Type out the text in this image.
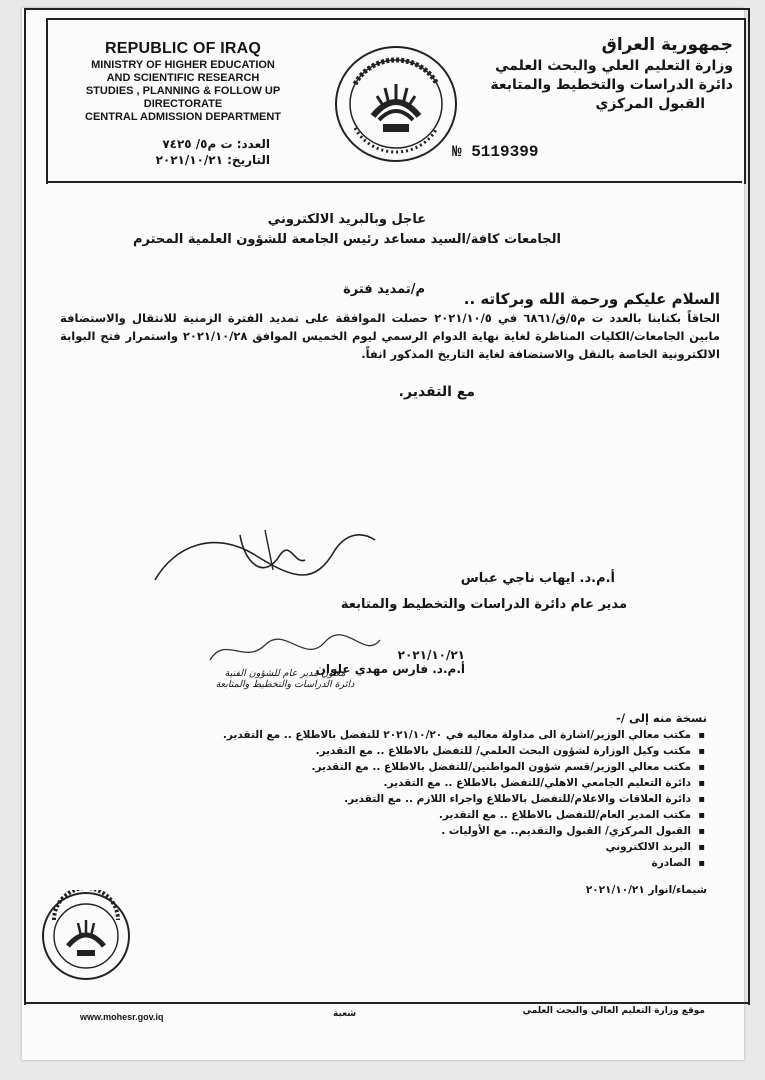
REPUBLIC OF IRAQ
MINISTRY OF HIGHER EDUCATION
AND SCIENTIFIC RESEARCH
STUDIES , PLANNING & FOLLOW UP DIRECTORATE
CENTRAL ADMISSION DEPARTMENT
جمهورية العراق
وزارة التعليم العلي والبحث العلمي
دائرة الدراسات والتخطيط والمتابعة
القبول المركزي
العدد: ت م٥/ ٧٤٢٥
التاريخ: ٢٠٢١/١٠/٢١	№ 5119399
عاجل وبالبريد الالكتروني
الجامعات كافة/السيد مساعد رئيس الجامعة للشؤون العلمية المحترم
م/تمديد فترة
السلام عليكم ورحمة الله وبركاته ..
الحاقاً بكتابنا بالعدد ت م٥/ق/٦٨٦١ في ٢٠٢١/١٠/٥ حصلت الموافقة على تمديد الفترة الزمنية للانتقال والاستضافة مابين الجامعات/الكليات المناظرة لغاية نهاية الدوام الرسمي ليوم الخميس الموافق ٢٠٢١/١٠/٢٨ واستمرار فتح البوابة الالكترونية الخاصة بالنقل والاستضافة لغاية التاريخ المذكور انفاً.
مع التقدير.
أ.م.د. ايهاب ناجي عباس
مدير عام دائرة الدراسات والتخطيط والمتابعة
٢٠٢١/١٠/٢١
أ.م.د. فارس مهدي علوان
معاون مدير عام للشؤون الفنية
دائرة الدراسات والتخطيط والمتابعة
نسخة منه إلى /-
▪ مكتب معالي الوزير/اشارة الى مداولة معاليه في ٢٠٢١/١٠/٢٠ للتفضل بالاطلاع .. مع التقدير.
▪ مكتب وكيل الوزارة لشؤون البحث العلمي/ للتفضل بالاطلاع .. مع التقدير.
▪ مكتب معالي الوزير/قسم شؤون المواطنين/للتفضل بالاطلاع .. مع التقدير.
▪ دائرة التعليم الجامعي الاهلي/للتفضل بالاطلاع .. مع التقدير.
▪ دائرة العلاقات والاعلام/للتفضل بالاطلاع واجراء اللازم .. مع التقدير.
▪ مكتب المدير العام/للتفضل بالاطلاع .. مع التقدير.
▪ القبول المركزي/ القبول والتقديم.. مع الأوليات .
▪ البريد الالكتروني
▪ الصادرة
شيماء/انوار ٢٠٢١/١٠/٢١
www.mohesr.gov.iq	شعبة	موقع وزارة التعليم العالي والبحث العلمي
